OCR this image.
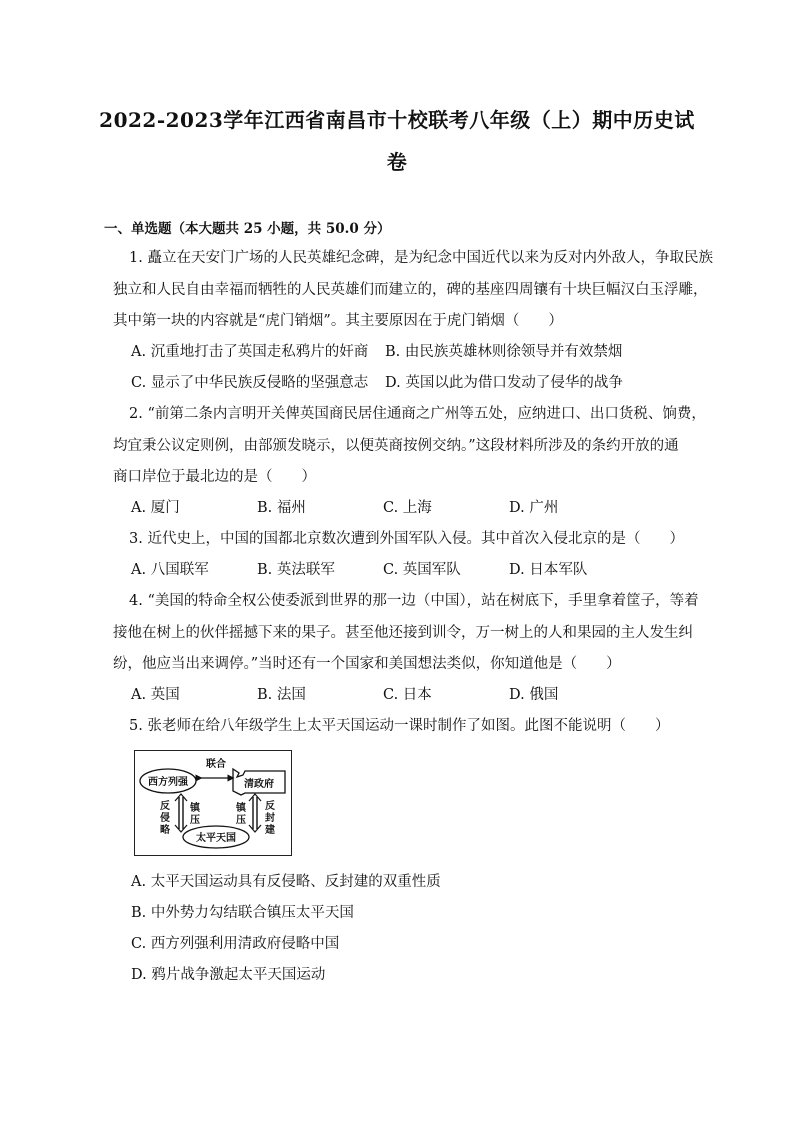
2022-2023学年江西省南昌市十校联考八年级（上）期中历史试
卷
一、单选题（本大题共 25 小题，共 50.0 分）
1. 矗立在天安门广场的人民英雄纪念碑，是为纪念中国近代以来为反对内外敌人，争取民族
独立和人民自由幸福而牺牲的人民英雄们而建立的，碑的基座四周镶有十块巨幅汉白玉浮雕，
其中第一块的内容就是“虎门销烟”。其主要原因在于虎门销烟（　　）
A. 沉重地打击了英国走私鸦片的奸商 B. 由民族英雄林则徐领导并有效禁烟
C. 显示了中华民族反侵略的坚强意志 D. 英国以此为借口发动了侵华的战争
2. “前第二条内言明开关俾英国商民居住通商之广州等五处，应纳进口、出口货税、饷费，
均宜秉公议定则例，由部颁发晓示，以便英商按例交纳。”这段材料所涉及的条约开放的通
商口岸位于最北边的是（　　）
A. 厦门	B. 福州	C. 上海	D. 广州
3. 近代史上，中国的国都北京数次遭到外国军队入侵。其中首次入侵北京的是（　　）
A. 八国联军	B. 英法联军	C. 英国军队	D. 日本军队
4. “美国的特命全权公使委派到世界的那一边（中国），站在树底下，手里拿着筐子，等着
接他在树上的伙伴摇撼下来的果子。甚至他还接到训令，万一树上的人和果园的主人发生纠
纷，他应当出来调停。”当时还有一个国家和美国想法类似，你知道他是（　　）
A. 英国	B. 法国	C. 日本	D. 俄国
5. 张老师在给八年级学生上太平天国运动一课时制作了如图。此图不能说明（　　）
西方列强	清政府
太平天国
联合
反
侵
略
镇
压
镇
压
反
封
建
A. 太平天国运动具有反侵略、反封建的双重性质
B. 中外势力勾结联合镇压太平天国
C. 西方列强利用清政府侵略中国
D. 鸦片战争激起太平天国运动
